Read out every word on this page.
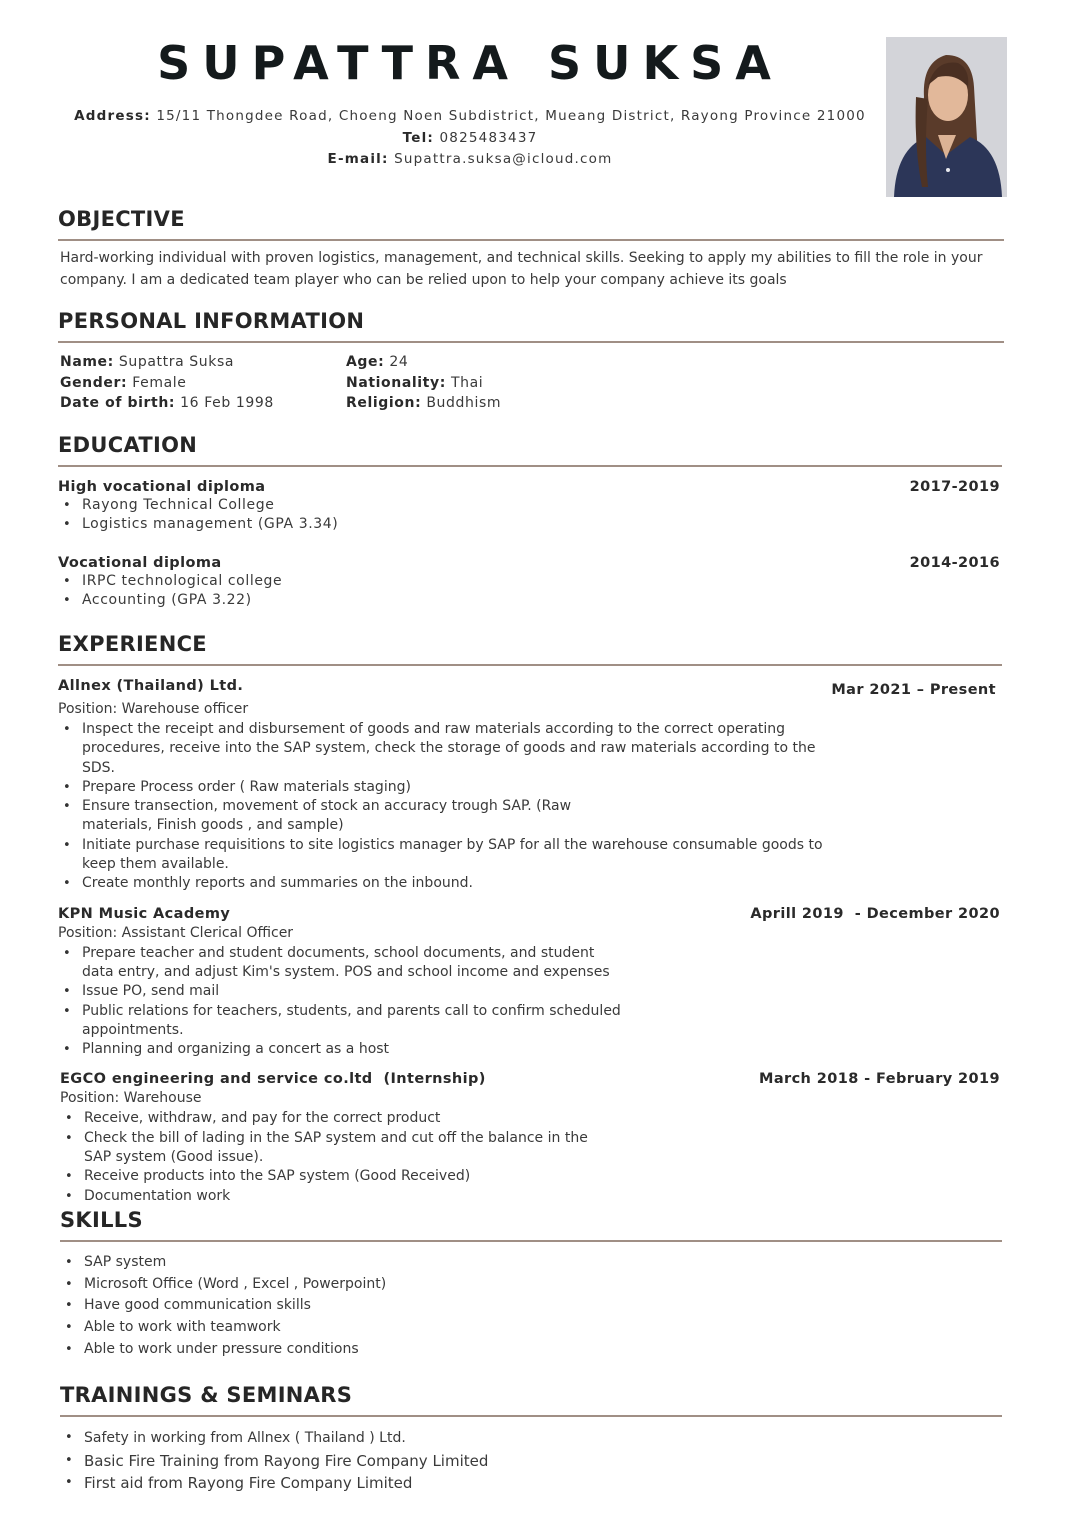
SUPATTRA SUKSA
Address: 15/11 Thongdee Road, Choeng Noen Subdistrict, Mueang District, Rayong Province 21000
Tel: 0825483437
E-mail: Supattra.suksa@icloud.com
OBJECTIVE
Hard-working individual with proven logistics, management, and technical skills. Seeking to apply my abilities to fill the role in your company. I am a dedicated team player who can be relied upon to help your company achieve its goals
PERSONAL INFORMATION
Name: Supattra Suksa	Age: 24
Gender: Female	Nationality: Thai
Date of birth: 16 Feb 1998	Religion: Buddhism
EDUCATION
High vocational diploma	2017-2019
• Rayong Technical College
• Logistics management (GPA 3.34)
Vocational diploma	2014-2016
• IRPC technological college
• Accounting (GPA 3.22)
EXPERIENCE
Allnex (Thailand) Ltd.	Mar 2021 – Present
Position: Warehouse officer
• Inspect the receipt and disbursement of goods and raw materials according to the correct operating procedures, receive into the SAP system, check the storage of goods and raw materials according to the SDS.
• Prepare Process order ( Raw materials staging)
• Ensure transection, movement of stock an accuracy trough SAP. (Raw materials, Finish goods , and sample)
• Initiate purchase requisitions to site logistics manager by SAP for all the warehouse consumable goods to keep them available.
• Create monthly reports and summaries on the inbound.
KPN Music Academy	Aprill 2019  - December 2020
Position: Assistant Clerical Officer
• Prepare teacher and student documents, school documents, and student data entry, and adjust Kim's system. POS and school income and expenses
• Issue PO, send mail
• Public relations for teachers, students, and parents call to confirm scheduled appointments.
• Planning and organizing a concert as a host
EGCO engineering and service co.ltd  (Internship)	March 2018 - February 2019
Position: Warehouse
• Receive, withdraw, and pay for the correct product
• Check the bill of lading in the SAP system and cut off the balance in the SAP system (Good issue).
• Receive products into the SAP system (Good Received)
• Documentation work
SKILLS
• SAP system
• Microsoft Office (Word , Excel , Powerpoint)
• Have good communication skills
• Able to work with teamwork
• Able to work under pressure conditions
TRAININGS & SEMINARS
• Safety in working from Allnex ( Thailand ) Ltd.
• Basic Fire Training from Rayong Fire Company Limited
• First aid from Rayong Fire Company Limited
